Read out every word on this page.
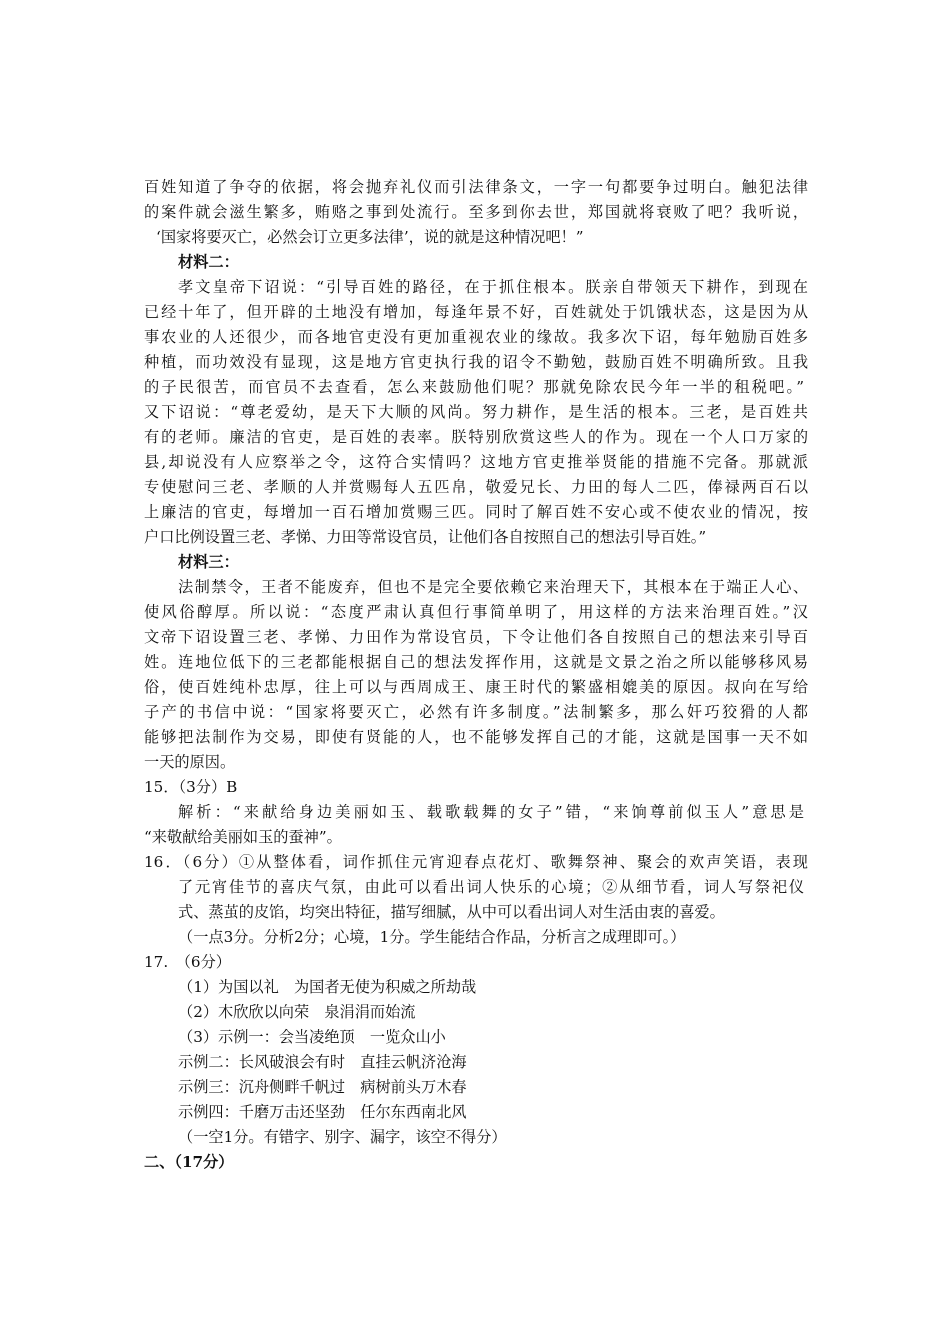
百姓知道了争夺的依据，将会抛弃礼仪而引法律条文，一字一句都要争过明白。触犯法律
的案件就会滋生繁多，贿赂之事到处流行。至多到你去世，郑国就将衰败了吧？我听说，
‘国家将要灭亡，必然会订立更多法律’，说的就是这种情况吧！”
材料二：
孝文皇帝下诏说：“引导百姓的路径，在于抓住根本。朕亲自带领天下耕作，到现在
已经十年了，但开辟的土地没有增加，每逢年景不好，百姓就处于饥饿状态，这是因为从
事农业的人还很少，而各地官吏没有更加重视农业的缘故。我多次下诏，每年勉励百姓多
种植，而功效没有显现，这是地方官吏执行我的诏令不勤勉，鼓励百姓不明确所致。且我
的子民很苦，而官员不去查看，怎么来鼓励他们呢？那就免除农民今年一半的租税吧。”
又下诏说：“尊老爱幼，是天下大顺的风尚。努力耕作，是生活的根本。三老，是百姓共
有的老师。廉洁的官吏，是百姓的表率。朕特别欣赏这些人的作为。现在一个人口万家的
县,却说没有人应察举之令，这符合实情吗？这地方官吏推举贤能的措施不完备。那就派
专使慰问三老、孝顺的人并赏赐每人五匹帛，敬爱兄长、力田的每人二匹，俸禄两百石以
上廉洁的官吏，每增加一百石增加赏赐三匹。同时了解百姓不安心或不使农业的情况，按
户口比例设置三老、孝悌、力田等常设官员，让他们各自按照自己的想法引导百姓。”
材料三：
法制禁令，王者不能废弃，但也不是完全要依赖它来治理天下，其根本在于端正人心、
使风俗醇厚。所以说：“态度严肃认真但行事简单明了，用这样的方法来治理百姓。”汉
文帝下诏设置三老、孝悌、力田作为常设官员，下令让他们各自按照自己的想法来引导百
姓。连地位低下的三老都能根据自己的想法发挥作用，这就是文景之治之所以能够移风易
俗，使百姓纯朴忠厚，往上可以与西周成王、康王时代的繁盛相媲美的原因。叔向在写给
子产的书信中说：“国家将要灭亡，必然有许多制度。”法制繁多，那么奸巧狡猾的人都
能够把法制作为交易，即使有贤能的人，也不能够发挥自己的才能，这就是国事一天不如
一天的原因。
15．（3分）B
解析：“来献给身边美丽如玉、载歌载舞的女子”错，“来饷尊前似玉人”意思是
“来敬献给美丽如玉的蚕神”。
16．（6分）①从整体看，词作抓住元宵迎春点花灯、歌舞祭神、聚会的欢声笑语，表现
了元宵佳节的喜庆气氛，由此可以看出词人快乐的心境；②从细节看，词人写祭祀仪
式、蒸茧的皮馅，均突出特征，描写细腻，从中可以看出词人对生活由衷的喜爱。
（一点3分。分析2分；心境，1分。学生能结合作品，分析言之成理即可。）
17.　（6分）
（1）为国以礼　为国者无使为积威之所劫哉
（2）木欣欣以向荣　泉涓涓而始流
（3）示例一：会当凌绝顶　一览众山小
示例二：长风破浪会有时　直挂云帆济沧海
示例三：沉舟侧畔千帆过　病树前头万木春
示例四：千磨万击还坚劲　任尔东西南北风
（一空1分。有错字、别字、漏字，该空不得分）
二、（17分）
